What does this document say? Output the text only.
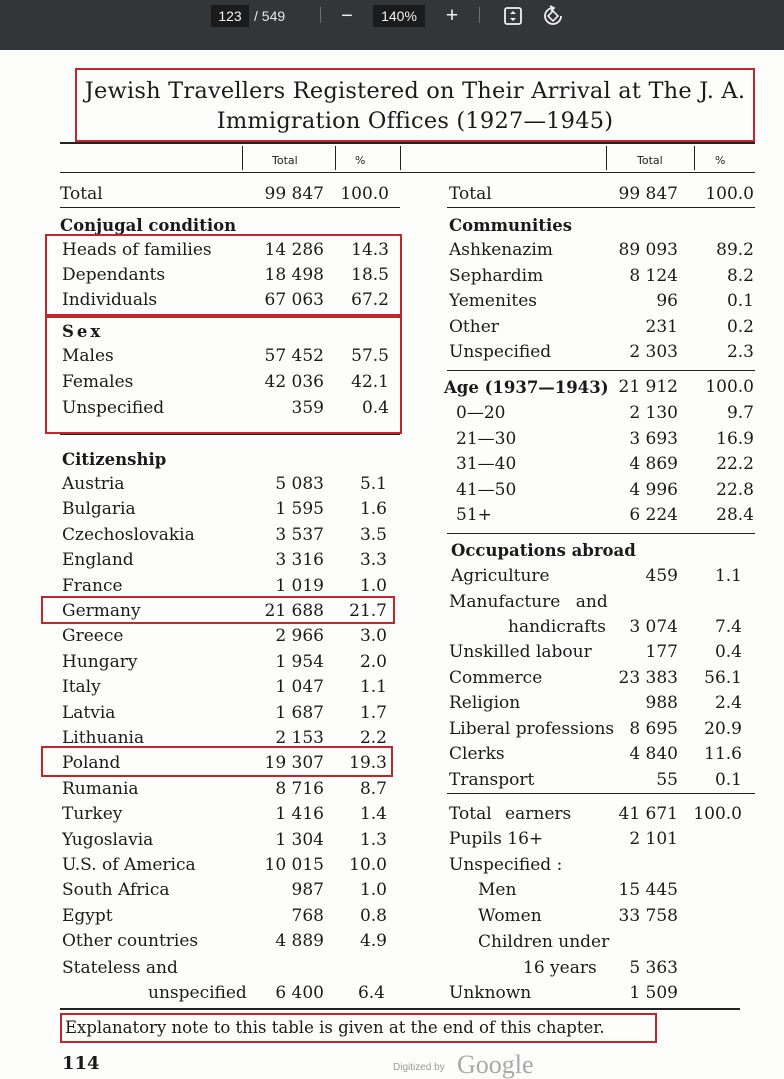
123 / 549	−	140%	+
Jewish Travellers Registered on Their Arrival at The J. A.
Immigration Offices (1927—1945)
Total	%	Total	%
Total	99 847 100.0
Conjugal condition
Heads of families	14 286	14.3
Dependants	18 498	18.5
Individuals	67 063	67.2
Sex
Males	57 452	57.5
Females	42 036	42.1
Unspecified	359	0.4
Citizenship
Austria	5 083	5.1
Bulgaria	1 595	1.6
Czechoslovakia	3 537	3.5
England	3 316	3.3
France	1 019	1.0
Germany	21 688	21.7
Greece	2 966	3.0
Hungary	1 954	2.0
Italy	1 047	1.1
Latvia	1 687	1.7
Lithuania	2 153	2.2
Poland	19 307	19.3
Rumania	8 716	8.7
Turkey	1 416	1.4
Yugoslavia	1 304	1.3
U.S. of America	10 015	10.0
South Africa	987	1.0
Egypt	768	0.8
Other countries	4 889	4.9
Stateless and
unspecified	6 400	6.4
Total	99 847	100.0
Communities
Ashkenazim	89 093	89.2
Sephardim	8 124	8.2
Yemenites	96	0.1
Other	231	0.2
Unspecified	2 303	2.3
Age (1937—1943) 21 912	100.0
0—20	2 130	9.7
21—30	3 693	16.9
31—40	4 869	22.2
41—50	4 996	22.8
51+	6 224	28.4
Occupations abroad
Agriculture	459	1.1
Manufacture and
handicrafts	3 074	7.4
Unskilled labour	177	0.4
Commerce	23 383	56.1
Religion	988	2.4
Liberal professions 8 695	20.9
Clerks	4 840	11.6
Transport	55	0.1
Total earners	41 671 100.0
Pupils 16+	2 101
Unspecified :
Men	15 445
Women	33 758
Children under
16 years	5 363
Unknown	1 509
Explanatory note to this table is given at the end of this chapter.
114	Digitized by Google
